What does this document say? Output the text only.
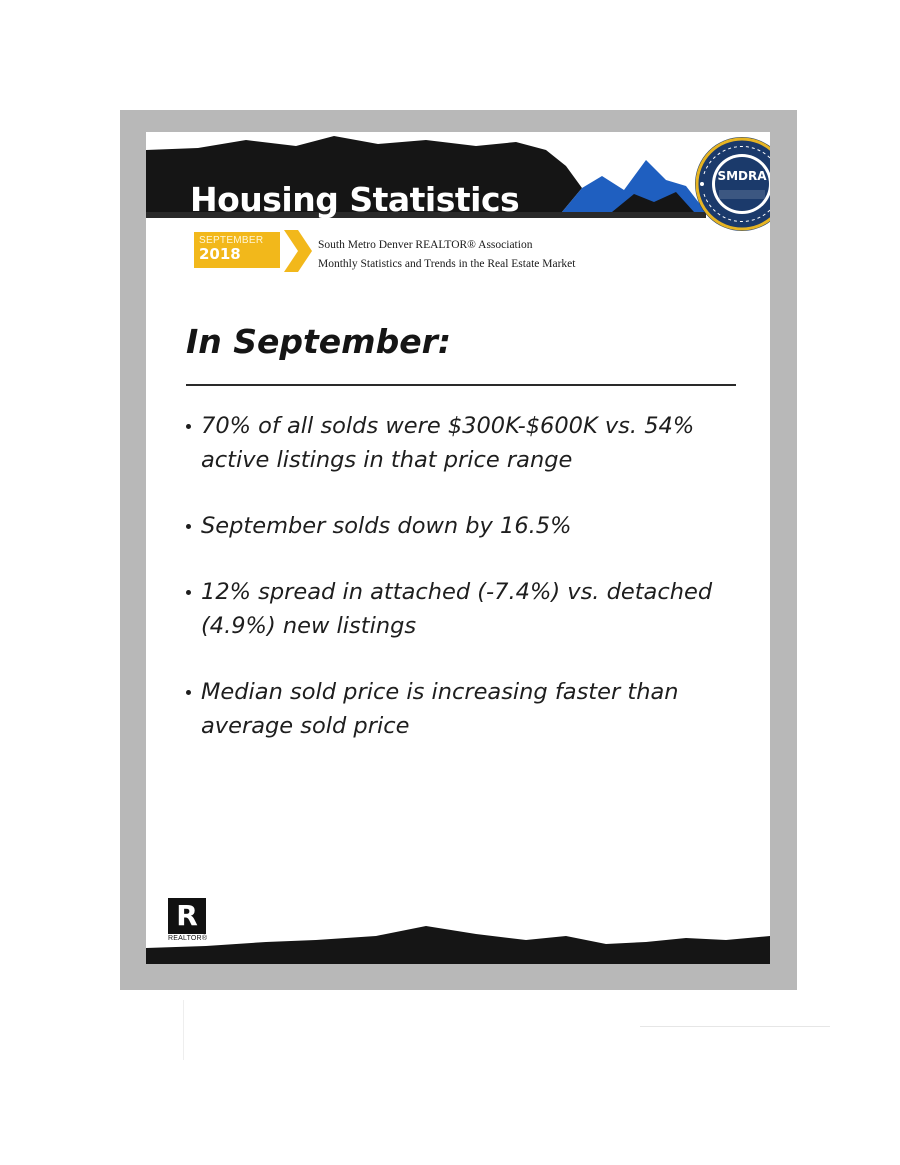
Housing Statistics
SMDRA
SEPTEMBER
2018	South Metro Denver REALTOR® Association
Monthly Statistics and Trends in the Real Estate Market
In September:
70% of all solds were $300K-$600K vs. 54% active listings in that price range
September solds down by 16.5%
12% spread in attached (-7.4%) vs. detached (4.9%) new listings
Median sold price is increasing faster than average sold price
R
REALTOR®
